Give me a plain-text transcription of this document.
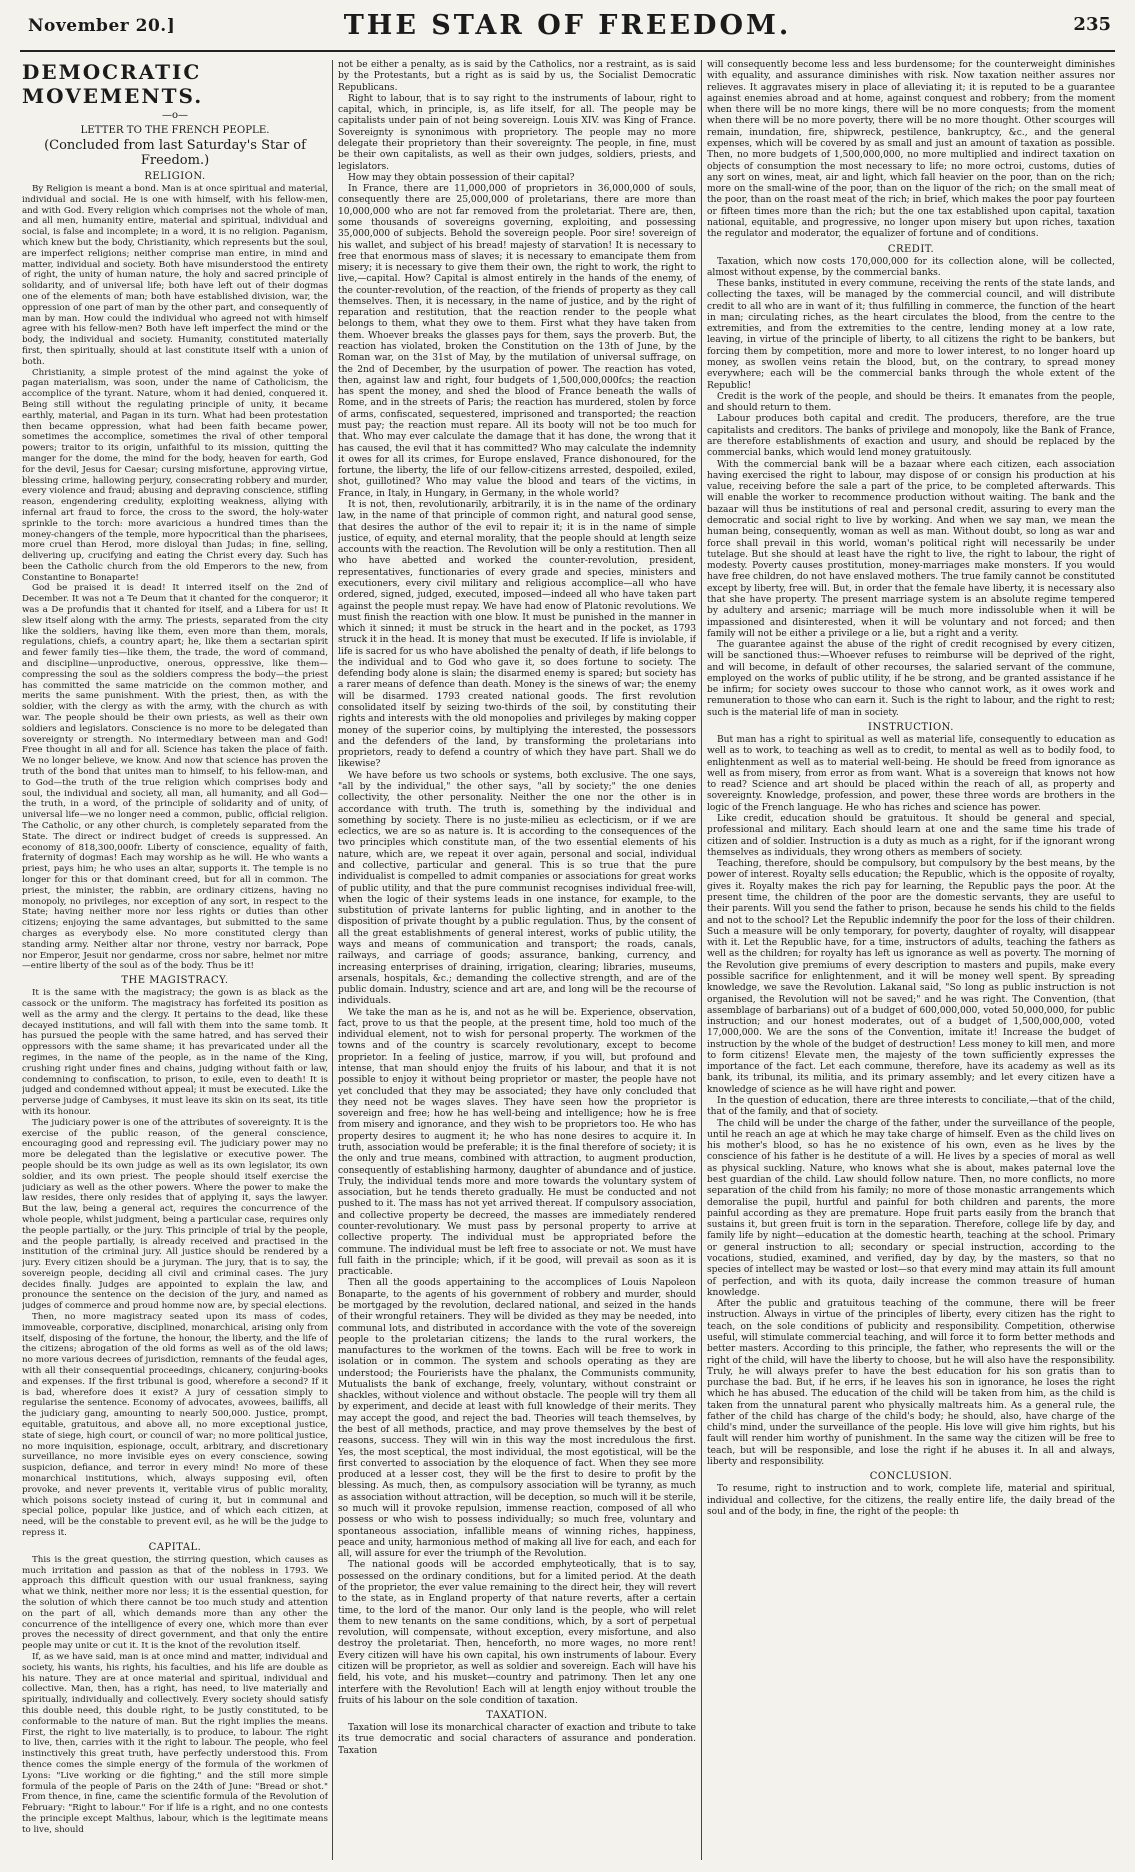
November 20.]	THE STAR OF FREEDOM.	235
DEMOCRATIC MOVEMENTS.
—o—
LETTER TO THE FRENCH PEOPLE.
(Concluded from last Saturday's Star of Freedom.)
RELIGION.

By Religion is meant a bond. Man is at once spiritual and material, individual and social. He is one with himself, with his fellow-men, and with God. Every religion which comprises not the whole of man, and all men, humanity entire, material and spiritual, individual and social, is false and incomplete; in a word, it is no religion. Paganism, which knew but the body, Christianity, which represents but the soul, are imperfect religions; neither comprise man entire, in mind and matter, individual and society. Both have misunderstood the entirety of right, the unity of human nature, the holy and sacred principle of solidarity, and of universal life; both have left out of their dogmas one of the elements of man; both have established division, war, the oppression of one part of man by the other part, and consequently of man by man. How could the individual who agreed not with himself agree with his fellow-men? Both have left imperfect the mind or the body, the individual and society. Humanity, constituted materially first, then spiritually, should at last constitute itself with a union of both.

Christianity, a simple protest of the mind against the yoke of pagan materialism, was soon, under the name of Catholicism, the accomplice of the tyrant. Nature, whom it had denied, conquered it. Being still without the regulating principle of unity, it became earthly, material, and Pagan in its turn. What had been protestation then became oppression, what had been faith became power, sometimes the accomplice, sometimes the rival of other temporal powers; traitor to its origin, unfaithful to its mission, quitting the manger for the dome, the mind for the body, heaven for earth, God for the devil, Jesus for Caesar; cursing misfortune, approving virtue, blessing crime, hallowing perjury, consecrating robbery and murder, every violence and fraud; abusing and depraving conscience, stifling reason, engendering credulity, exploiting weakness, allying with infernal art fraud to force, the cross to the sword, the holy-water sprinkle to the torch: more avaricious a hundred times than the money-changers of the temple, more hypocritical than the pharisees, more cruel than Herod, more disloyal than Judas; in fine, selling, delivering up, crucifying and eating the Christ every day. Such has been the Catholic church from the old Emperors to the new, from Constantine to Bonaparte!

God be praised it is dead! It interred itself on the 2nd of December. It was not a Te Deum that it chanted for the conqueror; it was a De profundis that it chanted for itself, and a Libera for us! It slew itself along with the army. The priests, separated from the city like the soldiers, having like them, even more than them, morals, regulations, chiefs, a country apart; he, like them a sectarian spirit and fewer family ties—like them, the trade, the word of command, and discipline—unproductive, onerous, oppressive, like them—compressing the soul as the soldiers compress the body—the priest has committed the same matricide on the common mother, and merits the same punishment. With the priest, then, as with the soldier, with the clergy as with the army, with the church as with war. The people should be their own priests, as well as their own soldiers and legislators. Conscience is no more to be delegated than sovereignty or strength. No intermediary between man and God! Free thought in all and for all. Science has taken the place of faith. We no longer believe, we know. And now that science has proven the truth of the bond that unites man to himself, to his fellow-man, and to God—the truth of the true religion which comprises body and soul, the individual and society, all man, all humanity, and all God—the truth, in a word, of the principle of solidarity and of unity, of universal life—we no longer need a common, public, official religion. The Catholic, or any other church, is completely separated from the State. The direct or indirect budget of creeds is suppressed. An economy of 818,300,000fr. Liberty of conscience, equality of faith, fraternity of dogmas! Each may worship as he will. He who wants a priest, pays him; he who uses an altar, supports it. The temple is no longer for this or that dominant creed, but for all in common. The priest, the minister, the rabbin, are ordinary citizens, having no monopoly, no privileges, nor exception of any sort, in respect to the State; having neither more nor less rights or duties than other citizens; enjoying the same advantages, but submitted to the same charges as everybody else. No more constituted clergy than standing army. Neither altar nor throne, vestry nor barrack, Pope nor Emperor, Jesuit nor gendarme, cross nor sabre, helmet nor mitre—entire liberty of the soul as of the body. Thus be it!

THE MAGISTRACY.

It is the same with the magistracy; the gown is as black as the cassock or the uniform. The magistracy has forfeited its position as well as the army and the clergy. It pertains to the dead, like these decayed institutions, and will fall with them into the same tomb. It has pursued the people with the same hatred, and has served their oppressors with the same shame; it has prevaricated under all the regimes, in the name of the people, as in the name of the King, crushing right under fines and chains, judging without faith or law, condemning to confiscation, to prison, to exile, even to death! It is judged and condemned without appeal; it must be executed. Like the perverse judge of Cambyses, it must leave its skin on its seat, its title with its honour.

The judiciary power is one of the attributes of sovereignty. It is the exercise of the public reason, of the general conscience, encouraging good and repressing evil. The judiciary power may no more be delegated than the legislative or executive power. The people should be its own judge as well as its own legislator, its own soldier, and its own priest. The people should itself exercise the judiciary as well as the other powers. Where the power to make the law resides, there only resides that of applying it, says the lawyer. But the law, being a general act, requires the concurrence of the whole people, whilst judgment, being a particular case, requires only the people partially, or the jury. This principle of trial by the people, and the people partially, is already received and practised in the institution of the criminal jury. All justice should be rendered by a jury. Every citizen should be a juryman. The jury, that is to say, the sovereign people, deciding all civil and criminal cases. The jury decides finally. Judges are appointed to explain the law, and pronounce the sentence on the decision of the jury, and named as judges of commerce and proud homme now are, by special elections.

Then, no more magistracy seated upon its mass of codes, immoveable, corporative, disciplined, monarchical, arising only from itself, disposing of the fortune, the honour, the liberty, and the life of the citizens; abrogation of the old forms as well as of the old laws; no more various decrees of jurisdiction, remnants of the feudal ages, with all their consequential proceedings, chicanery, conjuring-books and expenses. If the first tribunal is good, wherefore a second? If it is bad, wherefore does it exist? A jury of cessation simply to regularise the sentence. Economy of advocates, avowees, bailiffs, all the judiciary gang, amounting to nearly 500,000. Justice, prompt, equitable, gratuitous, and above all, no more exceptional justice, state of siege, high court, or council of war; no more political justice, no more inquisition, espionage, occult, arbitrary, and discretionary surveillance, no more invisible eyes on every conscience, sowing suspicion, defiance, and terror in every mind! No more of these monarchical institutions, which, always supposing evil, often provoke, and never prevents it, veritable virus of public morality, which poisons society instead of curing it, but in communal and special police, popular like justice, and of which each citizen, at need, will be the constable to prevent evil, as he will be the judge to repress it.

CAPITAL.

This is the great question, the stirring question, which causes as much irritation and passion as that of the nobless in 1793. We approach this difficult question with our usual frankness, saying what we think, neither more nor less; it is the essential question, for the solution of which there cannot be too much study and attention on the part of all, which demands more than any other the concurrence of the intelligence of every one, which more than ever proves the necessity of direct government, and that only the entire people may unite or cut it. It is the knot of the revolution itself.

If, as we have said, man is at once mind and matter, individual and society, his wants, his rights, his faculties, and his life are double as his nature. They are at once material and spiritual, individual and collective. Man, then, has a right, has need, to live materially and spiritually, individually and collectively. Every society should satisfy this double need, this double right, to be justly constituted, to be conformable to the nature of man. But the right implies the means. First, the right to live materially, is to produce, to labour. The right to live, then, carries with it the right to labour. The people, who feel instinctively this great truth, have perfectly understood this. From thence comes the simple energy of the formula of the workmen of Lyons: "Live working or die fighting," and the still more simple formula of the people of Paris on the 24th of June: "Bread or shot." From thence, in fine, came the scientific formula of the Revolution of February: "Right to labour." For if life is a right, and no one contests the principle except Malthus, labour, which is the legitimate means to live, should

not be either a penalty, as is said by the Catholics, nor a restraint, as is said by the Protestants, but a right as is said by us, the Socialist Democratic Republicans.

Right to labour, that is to say right to the instruments of labour, right to capital, which, in principle, is, as life itself, for all. The people may be capitalists under pain of not being sovereign. Louis XIV. was King of France. Sovereignty is synonimous with proprietory. The people may no more delegate their proprietory than their sovereignty. The people, in fine, must be their own capitalists, as well as their own judges, soldiers, priests, and legislators.

How may they obtain possession of their capital?

In France, there are 11,000,000 of proprietors in 36,000,000 of souls, consequently there are 25,000,000 of proletarians, there are more than 10,000,000 who are not far removed from the proletariat. There are, then, some thousands of sovereigns governing, exploiting, and possessing 35,000,000 of subjects. Behold the sovereign people. Poor sire! sovereign of his wallet, and subject of his bread! majesty of starvation! It is necessary to free that enormous mass of slaves; it is necessary to emancipate them from misery; it is necessary to give them their own, the right to work, the right to live,—capital. How? Capital is almost entirely in the hands of the enemy, of the counter-revolution, of the reaction, of the friends of property as they call themselves. Then, it is necessary, in the name of justice, and by the right of reparation and restitution, that the reaction render to the people what belongs to them, what they owe to them. First what they have taken from them. Whoever breaks the glasses pays for them, says the proverb. But, the reaction has violated, broken the Constitution on the 13th of June, by the Roman war, on the 31st of May, by the mutilation of universal suffrage, on the 2nd of December, by the usurpation of power. The reaction has voted, then, against law and right, four budgets of 1,500,000,000fcs; the reaction has spent the money, and shed the blood of France beneath the walls of Rome, and in the streets of Paris; the reaction has murdered, stolen by force of arms, confiscated, sequestered, imprisoned and transported; the reaction must pay; the reaction must repare. All its booty will not be too much for that. Who may ever calculate the damage that it has done, the wrong that it has caused, the evil that it has committed? Who may calculate the indemnity it owes for all its crimes, for Europe enslaved, France dishonoured, for the fortune, the liberty, the life of our fellow-citizens arrested, despoiled, exiled, shot, guillotined? Who may value the blood and tears of the victims, in France, in Italy, in Hungary, in Germany, in the whole world?

It is not, then, revolutionarily, arbitrarily, it is in the name of the ordinary law, in the name of that principle of common right, and natural good sense, that desires the author of the evil to repair it; it is in the name of simple justice, of equity, and eternal morality, that the people should at length seize accounts with the reaction. The Revolution will be only a restitution. Then all who have abetted and worked the counter-revolution, president, representatives, functionaries of every grade and species, ministers and executioners, every civil military and religious accomplice—all who have ordered, signed, judged, executed, imposed—indeed all who have taken part against the people must repay. We have had enow of Platonic revolutions. We must finish the reaction with one blow. It must be punished in the manner in which it sinned; it must be struck in the heart and in the pocket, as 1793 struck it in the head. It is money that must be executed. If life is inviolable, if life is sacred for us who have abolished the penalty of death, if life belongs to the individual and to God who gave it, so does fortune to society. The defending body alone is slain; the disarmed enemy is spared; but society has a rarer means of defence than death. Money is the sinews of war; the enemy will be disarmed. 1793 created national goods. The first revolution consolidated itself by seizing two-thirds of the soil, by constituting their rights and interests with the old monopolies and privileges by making copper money of the superior coins, by multiplying the interested, the possessors and the defenders of the land, by transforming the proletarians into proprietors, ready to defend a country of which they have part. Shall we do likewise?

We have before us two schools or systems, both exclusive. The one says, "all by the individual," the other says, "all by society;" the one denies collectivity, the other personality. Neither the one nor the other is in accordance with truth. The truth is, something by the individual and something by society. There is no juste-milieu as eclecticism, or if we are eclectics, we are so as nature is. It is according to the consequences of the two principles which constitute man, of the two essential elements of his nature, which are, we repeat it over again, personal and social, individual and collective, particular and general. This is so true that the pure individualist is compelled to admit companies or associations for great works of public utility, and that the pure communist recognises individual free-will, when the logic of their systems leads in one instance, for example, to the substitution of private lanterns for public lighting, and in another to the disposition of private thought by a public regulation. Thus, by the consent of all the great establishments of general interest, works of public utility, the ways and means of communication and transport; the roads, canals, railways, and carriage of goods; assurance, banking, currency, and increasing enterprises of draining, irrigation, clearing; libraries, museums, arsenals, hospitals, &c.; demanding the collective strength, and are of the public domain. Industry, science and art are, and long will be the recourse of individuals.

We take the man as he is, and not as he will be. Experience, observation, fact, prove to us that the people, at the present time, hold too much of the individual element, not to wish for personal property. The workmen of the towns and of the country is scarcely revolutionary, except to become proprietor. In a feeling of justice, marrow, if you will, but profound and intense, that man should enjoy the fruits of his labour, and that it is not possible to enjoy it without being proprietor or master, the people have not yet concluded that they may be associated; they have only concluded that they need not be wages slaves. They have seen how the proprietor is sovereign and free; how he has well-being and intelligence; how he is free from misery and ignorance, and they wish to be proprietors too. He who has property desires to augment it; he who has none desires to acquire it. In truth, association would be preferable; it is the final therefore of society; it is the only and true means, combined with attraction, to augment production, consequently of establishing harmony, daughter of abundance and of justice. Truly, the individual tends more and more towards the voluntary system of association, but he tends thereto gradually. He must be conducted and not pushed to it. The mass has not yet arrived thereat. If compulsory association, and collective property be decreed, the masses are immediately rendered counter-revolutionary. We must pass by personal property to arrive at collective property. The individual must be appropriated before the commune. The individual must be left free to associate or not. We must have full faith in the principle; which, if it be good, will prevail as soon as it is practicable.

Then all the goods appertaining to the accomplices of Louis Napoleon Bonaparte, to the agents of his government of robbery and murder, should be mortgaged by the revolution, declared national, and seized in the hands of their wrongful retainers. They will be divided as they may be needed, into communal lots, and distributed in accordance with the vote of the sovereign people to the proletarian citizens; the lands to the rural workers, the manufactures to the workmen of the towns. Each will be free to work in isolation or in common. The system and schools operating as they are understood; the Fourierists have the phalanx, the Communists community, Mutualists the bank of exchange, freely, voluntary, without constraint or shackles, without violence and without obstacle. The people will try them all by experiment, and decide at least with full knowledge of their merits. They may accept the good, and reject the bad. Theories will teach themselves, by the best of all methods, practice, and may prove themselves by the best of reasons, success. They will win in this way the most incredulous the first. Yes, the most sceptical, the most individual, the most egotistical, will be the first converted to association by the eloquence of fact. When they see more produced at a lesser cost, they will be the first to desire to profit by the blessing. As much, then, as compulsory association will be tyranny, as much as association without attraction, will be deception, so much will it be sterile, so much will it provoke repulsion, immense reaction, composed of all who possess or who wish to possess individually; so much free, voluntary and spontaneous association, infallible means of winning riches, happiness, peace and unity, harmonious method of making all live for each, and each for all, will assure for ever the triumph of the Revolution.

The national goods will be accorded emphyteotically, that is to say, possessed on the ordinary conditions, but for a limited period. At the death of the proprietor, the ever value remaining to the direct heir, they will revert to the state, as in England property of that nature reverts, after a certain time, to the lord of the manor. Our only land is the people, who will relet them to new tenants on the same conditions, which, by a sort of perpetual revolution, will compensate, without exception, every misfortune, and also destroy the proletariat. Then, henceforth, no more wages, no more rent! Every citizen will have his own capital, his own instruments of labour. Every citizen will be proprietor, as well as soldier and sovereign. Each will have his field, his vote, and his musket—country and patrimony. Then let any one interfere with the Revolution! Each will at length enjoy without trouble the fruits of his labour on the sole condition of taxation.

TAXATION.

Taxation will lose its monarchical character of exaction and tribute to take its true democratic and social characters of assurance and ponderation. Taxation

will consequently become less and less burdensome; for the counterweight diminishes with equality, and assurance diminishes with risk. Now taxation neither assures nor relieves. It aggravates misery in place of alleviating it; it is reputed to be a guarantee against enemies abroad and at home, against conquest and robbery; from the moment when there will be no more kings, there will be no more conquests; from the moment when there will be no more poverty, there will be no more thought. Other scourges will remain, inundation, fire, shipwreck, pestilence, bankruptcy, &c., and the general expenses, which will be covered by as small and just an amount of taxation as possible. Then, no more budgets of 1,500,000,000, no more multiplied and indirect taxation on objects of consumption the most necessary to life; no more octroi, customs, duties of any sort on wines, meat, air and light, which fall heavier on the poor, than on the rich; more on the small-wine of the poor, than on the liquor of the rich; on the small meat of the poor, than on the roast meat of the rich; in brief, which makes the poor pay fourteen or fifteen times more than the rich; but the one tax established upon capital, taxation national, equitable, and progressive, no longer upon misery but upon riches, taxation the regulator and moderator, the equalizer of fortune and of conditions.

CREDIT.

Taxation, which now costs 170,000,000 for its collection alone, will be collected, almost without expense, by the commercial banks.

These banks, instituted in every commune, receiving the rents of the state lands, and collecting the taxes, will be managed by the commercial council, and will distribute credit to all who are in want of it; thus fulfilling in commerce, the function of the heart in man; circulating riches, as the heart circulates the blood, from the centre to the extremities, and from the extremities to the centre, lending money at a low rate, leaving, in virtue of the principle of liberty, to all citizens the right to be bankers, but forcing them by competition, more and more to lower interest, to no longer hoard up money, as swollen veins retain the blood, but, on the contrary, to spread money everywhere; each will be the commercial banks through the whole extent of the Republic!

Credit is the work of the people, and should be theirs. It emanates from the people, and should return to them.

Labour produces both capital and credit. The producers, therefore, are the true capitalists and creditors. The banks of privilege and monopoly, like the Bank of France, are therefore establishments of exaction and usury, and should be replaced by the commercial banks, which would lend money gratuitously.

With the commercial bank will be a bazaar where each citizen, each association having exercised the right to labour, may dispose of or consign his production at his value, receiving before the sale a part of the price, to be completed afterwards. This will enable the worker to recommence production without waiting. The bank and the bazaar will thus be institutions of real and personal credit, assuring to every man the democratic and social right to live by working. And when we say man, we mean the human being, consequently, woman as well as man. Without doubt, so long as war and force shall prevail in this world, woman's political right will necessarily be under tutelage. But she should at least have the right to live, the right to labour, the right of modesty. Poverty causes prostitution, money-marriages make monsters. If you would have free children, do not have enslaved mothers. The true family cannot be constituted except by liberty, free will. But, in order that the female have liberty, it is necessary also that she have property. The present marriage system is an absolute regime tempered by adultery and arsenic; marriage will be much more indissoluble when it will be impassioned and disinterested, when it will be voluntary and not forced; and then family will not be either a privilege or a lie, but a right and a verity.

The guarantee against the abuse of the right of credit recognised by every citizen, will be sanctioned thus:—Whoever refuses to reimburse will be deprived of the right, and will become, in default of other recourses, the salaried servant of the commune, employed on the works of public utility, if he be strong, and be granted assistance if he be infirm; for society owes succour to those who cannot work, as it owes work and remuneration to those who can earn it. Such is the right to labour, and the right to rest; such is the material life of man in society.

INSTRUCTION.

But man has a right to spiritual as well as material life, consequently to education as well as to work, to teaching as well as to credit, to mental as well as to bodily food, to enlightenment as well as to material well-being. He should be freed from ignorance as well as from misery, from error as from want. What is a sovereign that knows not how to read? Science and art should be placed within the reach of all, as property and sovereignty. Knowledge, profession, and power, these three words are brothers in the logic of the French language. He who has riches and science has power.

Like credit, education should be gratuitous. It should be general and special, professional and military. Each should learn at one and the same time his trade of citizen and of soldier. Instruction is a duty as much as a right, for if the ignorant wrong themselves as individuals, they wrong others as members of society.

Teaching, therefore, should be compulsory, but compulsory by the best means, by the power of interest. Royalty sells education; the Republic, which is the opposite of royalty, gives it. Royalty makes the rich pay for learning, the Republic pays the poor. At the present time, the children of the poor are the domestic servants, they are useful to their parents. Will you send the father to prison, because he sends his child to the fields and not to the school? Let the Republic indemnify the poor for the loss of their children. Such a measure will be only temporary, for poverty, daughter of royalty, will disappear with it. Let the Republic have, for a time, instructors of adults, teaching the fathers as well as the children; for royalty has left us ignorance as well as poverty. The morning of the Revolution give premiums of every description to masters and pupils, make every possible sacrifice for enlightenment, and it will be money well spent. By spreading knowledge, we save the Revolution. Lakanal said, "So long as public instruction is not organised, the Revolution will not be saved;" and he was right. The Convention, (that assemblage of barbarians) out of a budget of 600,000,000, voted 50,000,000, for public instruction; and our honest moderates, out of a budget of 1,500,000,000, voted 17,000,000. We are the sons of the Convention, imitate it! Increase the budget of instruction by the whole of the budget of destruction! Less money to kill men, and more to form citizens! Elevate men, the majesty of the town sufficiently expresses the importance of the fact. Let each commune, therefore, have its academy as well as its bank, its tribunal, its militia, and its primary assembly; and let every citizen have a knowledge of science as he will have right and power.

In the question of education, there are three interests to conciliate,—that of the child, that of the family, and that of society.

The child will be under the charge of the father, under the surveillance of the people, until he reach an age at which he may take charge of himself. Even as the child lives on his mother's blood, so has he no existence of his own, even as he lives by the conscience of his father is he destitute of a will. He lives by a species of moral as well as physical suckling. Nature, who knows what she is about, makes paternal love the best guardian of the child. Law should follow nature. Then, no more conflicts, no more separation of the child from his family; no more of those monastic arrangements which demoralise the pupil, hurtful and painful for both children and parents, the more painful according as they are premature. Hope fruit parts easily from the branch that sustains it, but green fruit is torn in the separation. Therefore, college life by day, and family life by night—education at the domestic hearth, teaching at the school. Primary or general instruction to all; secondary or special instruction, according to the vocations, studied, examined, and verified, day by day, by the masters, so that no species of intellect may be wasted or lost—so that every mind may attain its full amount of perfection, and with its quota, daily increase the common treasure of human knowledge.

After the public and gratuitous teaching of the commune, there will be freer instruction. Always in virtue of the principles of liberty, every citizen has the right to teach, on the sole conditions of publicity and responsibility. Competition, otherwise useful, will stimulate commercial teaching, and will force it to form better methods and better masters. According to this principle, the father, who represents the will or the right of the child, will have the liberty to choose, but he will also have the responsibility. Truly, he will always prefer to have the best education for his son gratis than to purchase the bad. But, if he errs, if he leaves his son in ignorance, he loses the right which he has abused. The education of the child will be taken from him, as the child is taken from the unnatural parent who physically maltreats him. As a general rule, the father of the child has charge of the child's body; he should, also, have charge of the child's mind, under the surveillance of the people. His love will give him rights, but his fault will render him worthy of punishment. In the same way the citizen will be free to teach, but will be responsible, and lose the right if he abuses it. In all and always, liberty and responsibility.

CONCLUSION.

To resume, right to instruction and to work, complete life, material and spiritual, individual and collective, for the citizens, the really entire life, the daily bread of the soul and of the body, in fine, the right of the people: th
